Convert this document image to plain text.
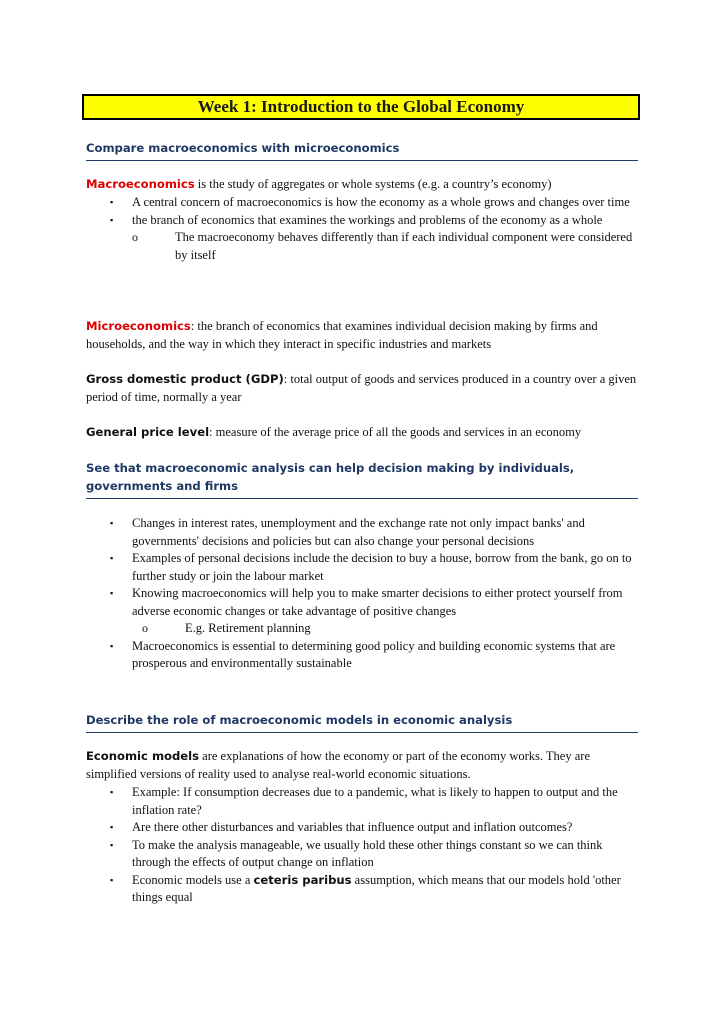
Week 1: Introduction to the Global Economy
Compare macroeconomics with microeconomics

Macroeconomics is the study of aggregates or whole systems (e.g. a country’s economy)

▪	A central concern of macroeconomics is how the economy as a whole grows and changes over time
▪	the branch of economics that examines the workings and problems of the economy as a whole
o	The macroeconomy behaves differently than if each individual component were considered by itself

Microeconomics: the branch of economics that examines individual decision making by firms and households, and the way in which they interact in specific industries and markets

Gross domestic product (GDP): total output of goods and services produced in a country over a given period of time, normally a year

General price level: measure of the average price of all the goods and services in an economy

See that macroeconomic analysis can help decision making by individuals, governments and firms
▪	Changes in interest rates, unemployment and the exchange rate not only impact banks' and governments' decisions and policies but can also change your personal decisions
▪	Examples of personal decisions include the decision to buy a house, borrow from the bank, go on to further study or join the labour market
▪	Knowing macroeconomics will help you to make smarter decisions to either protect yourself from adverse economic changes or take advantage of positive changes
o	E.g. Retirement planning
▪	Macroeconomics is essential to determining good policy and building economic systems that are prosperous and environmentally sustainable
Describe the role of macroeconomic models in economic analysis

Economic models are explanations of how the economy or part of the economy works. They are simplified versions of reality used to analyse real-world economic situations.

▪	Example: If consumption decreases due to a pandemic, what is likely to happen to output and the inflation rate?
▪	Are there other disturbances and variables that influence output and inflation outcomes?
▪	To make the analysis manageable, we usually hold these other things constant so we can think through the effects of output change on inflation
▪	Economic models use a ceteris paribus assumption, which means that our models hold 'other things equal
